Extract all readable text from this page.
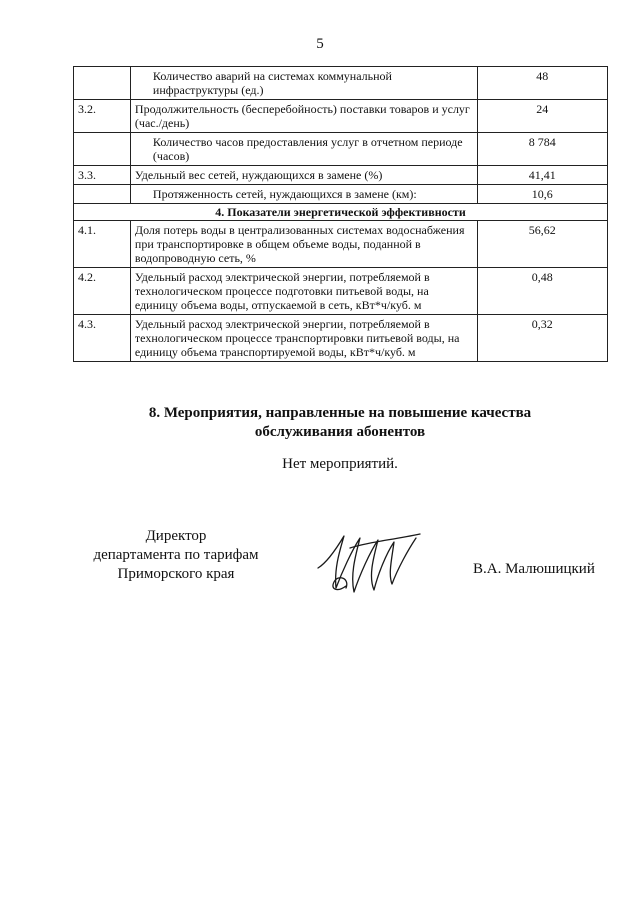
5
	Количество аварий на системах коммунальной инфраструктуры (ед.)	48
3.2.	Продолжительность (бесперебойность) поставки товаров и услуг (час./день)	24
	Количество часов предоставления услуг в отчетном периоде (часов)	8 784
3.3.	Удельный вес сетей, нуждающихся в замене (%)	41,41
	Протяженность сетей, нуждающихся в замене (км):	10,6
4. Показатели энергетической эффективности		
4.1.	Доля потерь воды в централизованных системах водоснабжения при транспортировке в общем объеме воды, поданной в водопроводную сеть, %	56,62
4.2.	Удельный расход электрической энергии, потребляемой в технологическом процессе подготовки питьевой воды, на единицу объема воды, отпускаемой в сеть, кВт*ч/куб. м	0,48
4.3.	Удельный расход электрической энергии, потребляемой в технологическом процессе транспортировки питьевой воды, на единицу объема транспортируемой воды, кВт*ч/куб. м	0,32
8. Мероприятия, направленные на повышение качества
обслуживания абонентов
Нет мероприятий.
Директор
департамента по тарифам
Приморского края	В.А. Малюшицкий
